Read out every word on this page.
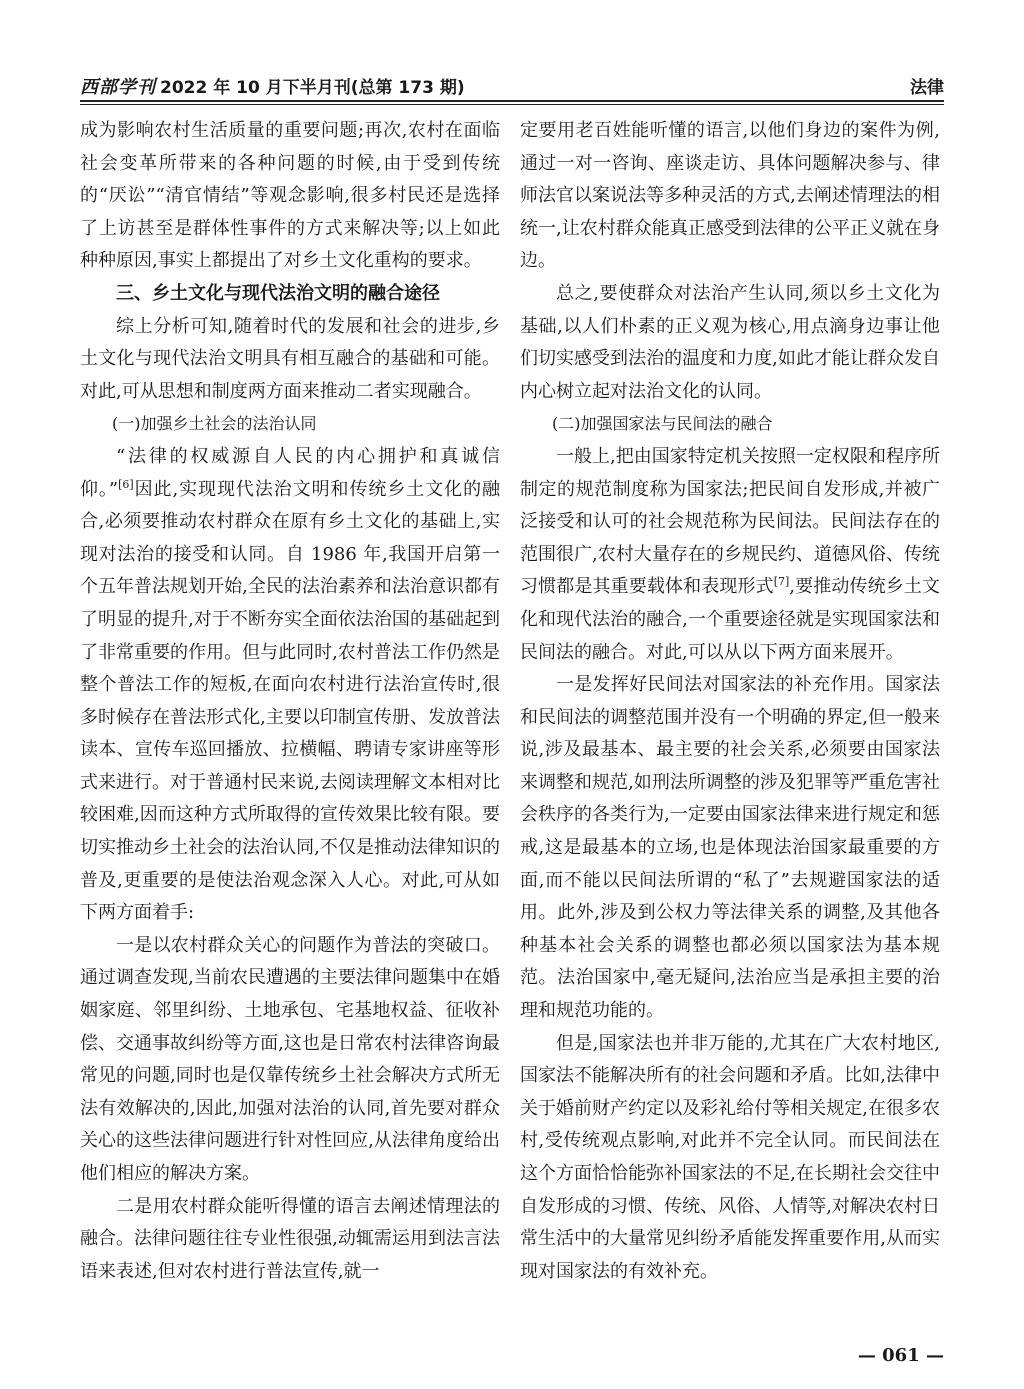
西部学刊 2022 年 10 月下半月刊(总第 173 期)	法律

成为影响农村生活质量的重要问题;再次,农村在面临社会变革所带来的各种问题的时候,由于受到传统的“厌讼”“清官情结”等观念影响,很多村民还是选择了上访甚至是群体性事件的方式来解决等;以上如此种种原因,事实上都提出了对乡土文化重构的要求。

三、乡土文化与现代法治文明的融合途径

综上分析可知,随着时代的发展和社会的进步,乡土文化与现代法治文明具有相互融合的基础和可能。对此,可从思想和制度两方面来推动二者实现融合。

(一)加强乡土社会的法治认同

“法律的权威源自人民的内心拥护和真诚信仰。”[6]因此,实现现代法治文明和传统乡土文化的融合,必须要推动农村群众在原有乡土文化的基础上,实现对法治的接受和认同。自 1986 年,我国开启第一个五年普法规划开始,全民的法治素养和法治意识都有了明显的提升,对于不断夯实全面依法治国的基础起到了非常重要的作用。但与此同时,农村普法工作仍然是整个普法工作的短板,在面向农村进行法治宣传时,很多时候存在普法形式化,主要以印制宣传册、发放普法读本、宣传车巡回播放、拉横幅、聘请专家讲座等形式来进行。对于普通村民来说,去阅读理解文本相对比较困难,因而这种方式所取得的宣传效果比较有限。要切实推动乡土社会的法治认同,不仅是推动法律知识的普及,更重要的是使法治观念深入人心。对此,可从如下两方面着手:

一是以农村群众关心的问题作为普法的突破口。通过调查发现,当前农民遭遇的主要法律问题集中在婚姻家庭、邻里纠纷、土地承包、宅基地权益、征收补偿、交通事故纠纷等方面,这也是日常农村法律咨询最常见的问题,同时也是仅靠传统乡土社会解决方式所无法有效解决的,因此,加强对法治的认同,首先要对群众关心的这些法律问题进行针对性回应,从法律角度给出他们相应的解决方案。

二是用农村群众能听得懂的语言去阐述情理法的融合。法律问题往往专业性很强,动辄需运用到法言法语来表述,但对农村进行普法宣传,就一

定要用老百姓能听懂的语言,以他们身边的案件为例,通过一对一咨询、座谈走访、具体问题解决参与、律师法官以案说法等多种灵活的方式,去阐述情理法的相统一,让农村群众能真正感受到法律的公平正义就在身边。

总之,要使群众对法治产生认同,须以乡土文化为基础,以人们朴素的正义观为核心,用点滴身边事让他们切实感受到法治的温度和力度,如此才能让群众发自内心树立起对法治文化的认同。

(二)加强国家法与民间法的融合

一般上,把由国家特定机关按照一定权限和程序所制定的规范制度称为国家法;把民间自发形成,并被广泛接受和认可的社会规范称为民间法。民间法存在的范围很广,农村大量存在的乡规民约、道德风俗、传统习惯都是其重要载体和表现形式[7],要推动传统乡土文化和现代法治的融合,一个重要途径就是实现国家法和民间法的融合。对此,可以从以下两方面来展开。

一是发挥好民间法对国家法的补充作用。国家法和民间法的调整范围并没有一个明确的界定,但一般来说,涉及最基本、最主要的社会关系,必须要由国家法来调整和规范,如刑法所调整的涉及犯罪等严重危害社会秩序的各类行为,一定要由国家法律来进行规定和惩戒,这是最基本的立场,也是体现法治国家最重要的方面,而不能以民间法所谓的“私了”去规避国家法的适用。此外,涉及到公权力等法律关系的调整,及其他各种基本社会关系的调整也都必须以国家法为基本规范。法治国家中,毫无疑问,法治应当是承担主要的治理和规范功能的。

但是,国家法也并非万能的,尤其在广大农村地区,国家法不能解决所有的社会问题和矛盾。比如,法律中关于婚前财产约定以及彩礼给付等相关规定,在很多农村,受传统观点影响,对此并不完全认同。而民间法在这个方面恰恰能弥补国家法的不足,在长期社会交往中自发形成的习惯、传统、风俗、人情等,对解决农村日常生活中的大量常见纠纷矛盾能发挥重要作用,从而实现对国家法的有效补充。

— 061 —
